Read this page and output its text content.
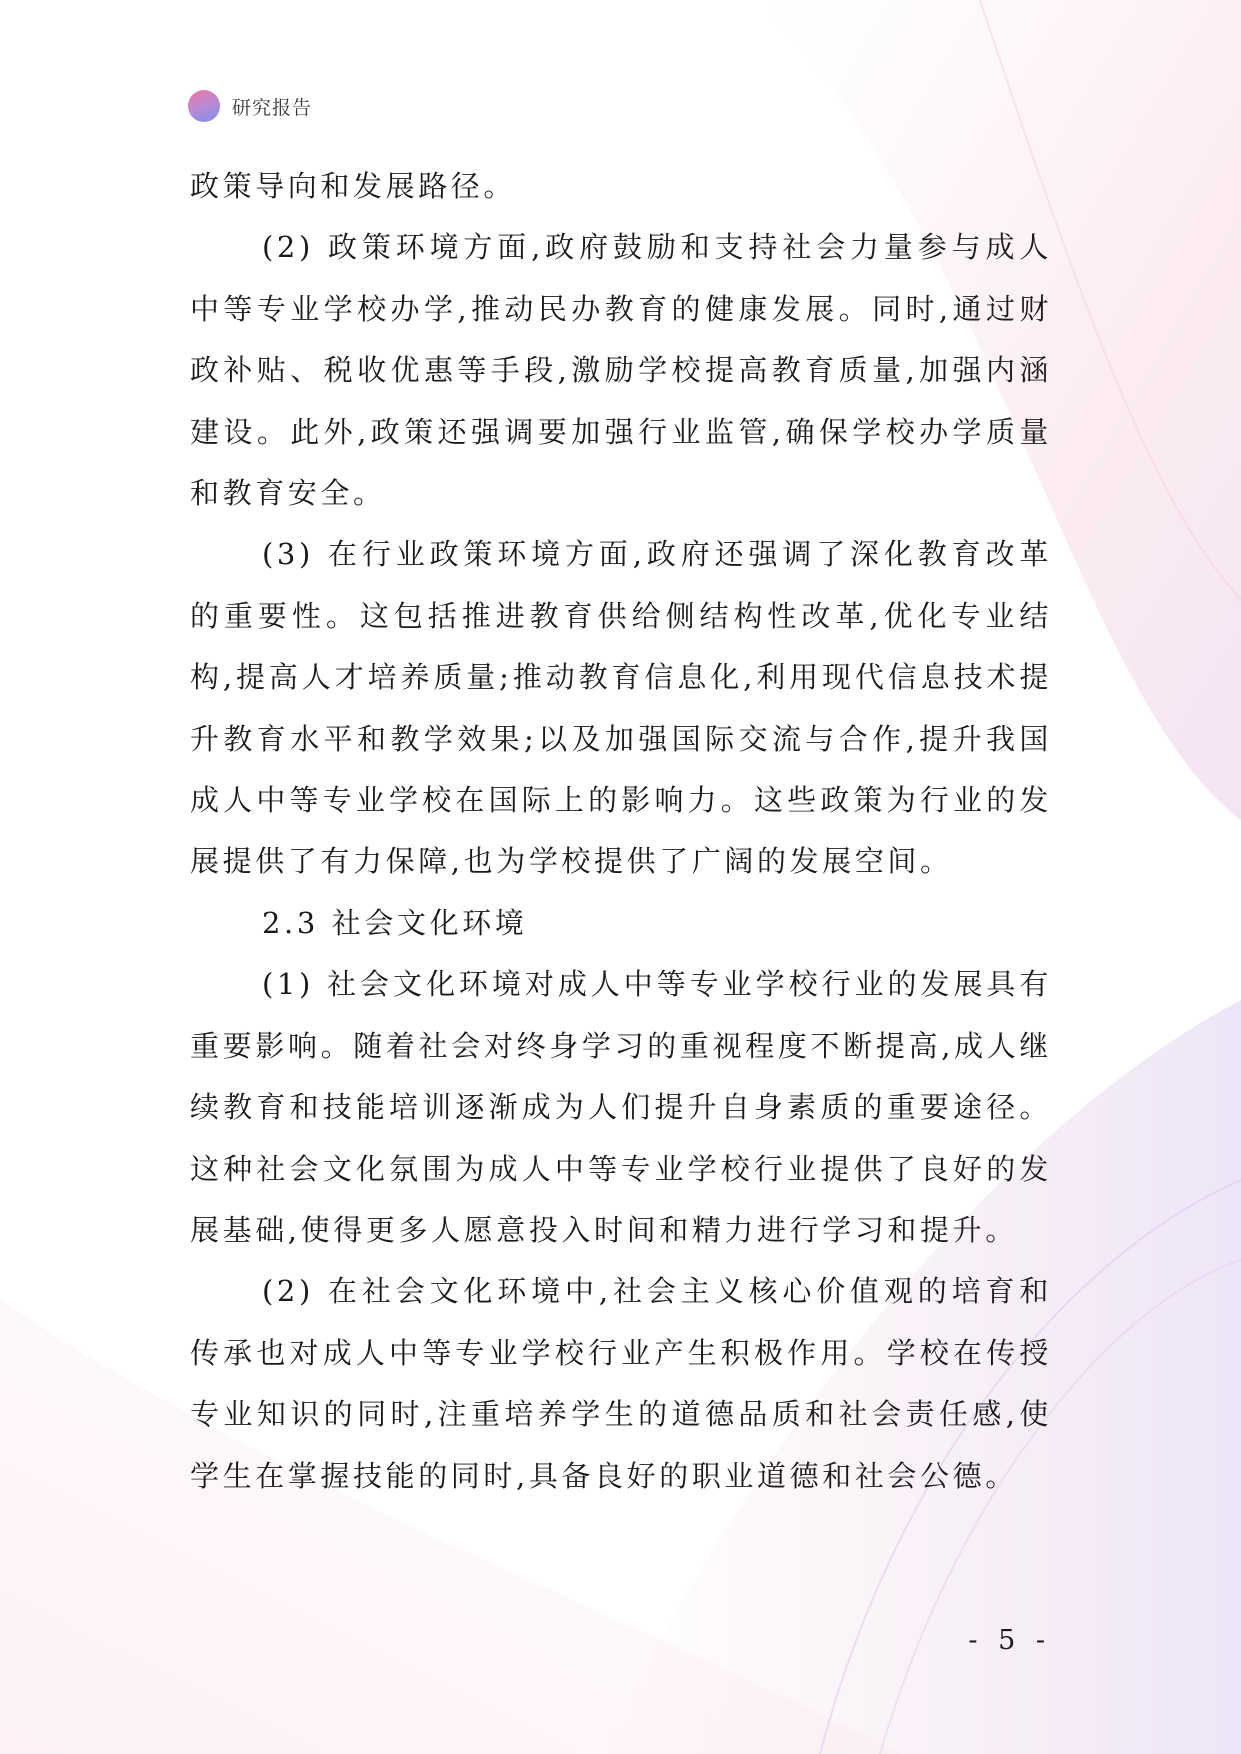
研究报告

政策导向和发展路径。

(2) 政策环境方面,政府鼓励和支持社会力量参与成人中等专业学校办学,推动民办教育的健康发展。同时,通过财政补贴、税收优惠等手段,激励学校提高教育质量,加强内涵建设。此外,政策还强调要加强行业监管,确保学校办学质量和教育安全。

(3) 在行业政策环境方面,政府还强调了深化教育改革的重要性。这包括推进教育供给侧结构性改革,优化专业结构,提高人才培养质量;推动教育信息化,利用现代信息技术提升教育水平和教学效果;以及加强国际交流与合作,提升我国成人中等专业学校在国际上的影响力。这些政策为行业的发展提供了有力保障,也为学校提供了广阔的发展空间。

2.3 社会文化环境

(1) 社会文化环境对成人中等专业学校行业的发展具有重要影响。随着社会对终身学习的重视程度不断提高,成人继续教育和技能培训逐渐成为人们提升自身素质的重要途径。这种社会文化氛围为成人中等专业学校行业提供了良好的发展基础,使得更多人愿意投入时间和精力进行学习和提升。

(2) 在社会文化环境中,社会主义核心价值观的培育和传承也对成人中等专业学校行业产生积极作用。学校在传授专业知识的同时,注重培养学生的道德品质和社会责任感,使学生在掌握技能的同时,具备良好的职业道德和社会公德。

- 5 -
